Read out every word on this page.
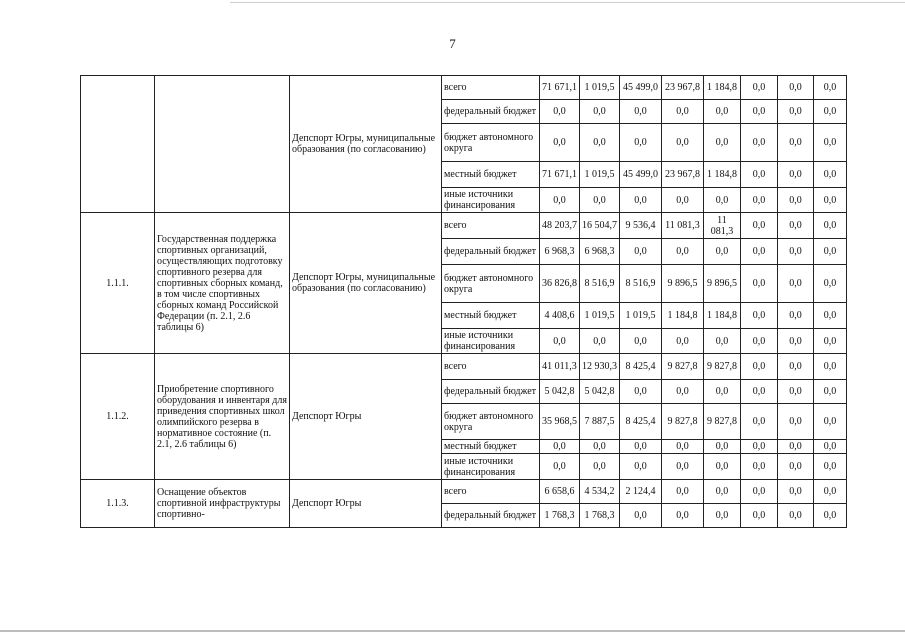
7
		Депспорт Югры, муниципальные образования (по согласованию)	всего	71 671,1	1 019,5	45 499,0	23 967,8	1 184,8	0,0	0,0	0,0
			федеральный бюджет	0,0	0,0	0,0	0,0	0,0	0,0	0,0	0,0
			бюджет автономного округа	0,0	0,0	0,0	0,0	0,0	0,0	0,0	0,0
			местный бюджет	71 671,1	1 019,5	45 499,0	23 967,8	1 184,8	0,0	0,0	0,0
			иные источники финансирования	0,0	0,0	0,0	0,0	0,0	0,0	0,0	0,0
1.1.1.	Государственная поддержка спортивных организаций, осуществляющих подготовку спортивного резерва для спортивных сборных команд, в том числе спортивных сборных команд Российской Федерации (п. 2.1, 2.6 таблицы 6)	Депспорт Югры, муниципальные образования (по согласованию)	всего	48 203,7	16 504,7	9 536,4	11 081,3	11 081,3	0,0	0,0	0,0
			федеральный бюджет	6 968,3	6 968,3	0,0	0,0	0,0	0,0	0,0	0,0
			бюджет автономного округа	36 826,8	8 516,9	8 516,9	9 896,5	9 896,5	0,0	0,0	0,0
			местный бюджет	4 408,6	1 019,5	1 019,5	1 184,8	1 184,8	0,0	0,0	0,0
			иные источники финансирования	0,0	0,0	0,0	0,0	0,0	0,0	0,0	0,0
1.1.2.	Приобретение спортивного оборудования и инвентаря для приведения спортивных школ олимпийского резерва в нормативное состояние (п. 2.1, 2.6 таблицы 6)	Депспорт Югры	всего	41 011,3	12 930,3	8 425,4	9 827,8	9 827,8	0,0	0,0	0,0
			федеральный бюджет	5 042,8	5 042,8	0,0	0,0	0,0	0,0	0,0	0,0
			бюджет автономного округа	35 968,5	7 887,5	8 425,4	9 827,8	9 827,8	0,0	0,0	0,0
			местный бюджет	0,0	0,0	0,0	0,0	0,0	0,0	0,0	0,0
			иные источники финансирования	0,0	0,0	0,0	0,0	0,0	0,0	0,0	0,0
1.1.3.	Оснащение объектов спортивной инфраструктуры спортивно-	Депспорт Югры	всего	6 658,6	4 534,2	2 124,4	0,0	0,0	0,0	0,0	0,0
			федеральный бюджет	1 768,3	1 768,3	0,0	0,0	0,0	0,0	0,0	0,0
